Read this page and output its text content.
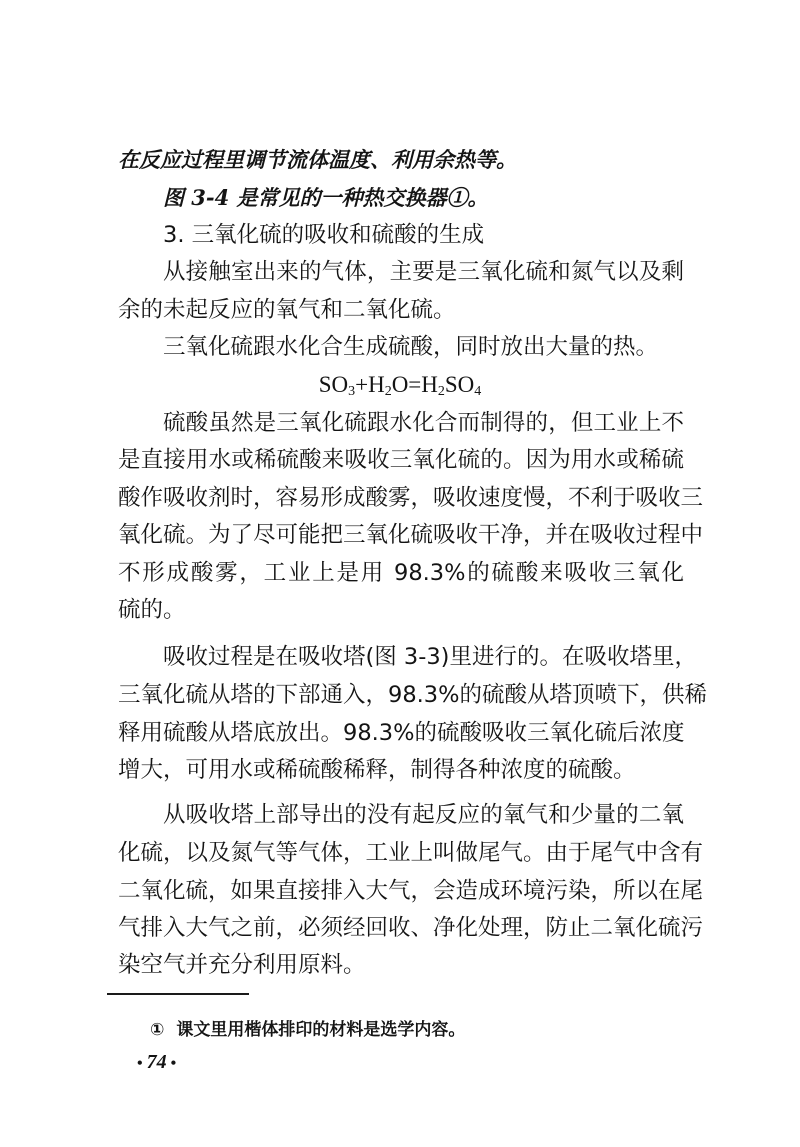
在反应过程里调节流体温度、利用余热等。
图 3-4 是常见的一种热交换器①。
3. 三氧化硫的吸收和硫酸的生成
从接触室出来的气体，主要是三氧化硫和氮气以及剩
余的未起反应的氧气和二氧化硫。
三氧化硫跟水化合生成硫酸，同时放出大量的热。
$SO_3+H_2O=H_2SO_4$
硫酸虽然是三氧化硫跟水化合而制得的，但工业上不
是直接用水或稀硫酸来吸收三氧化硫的。因为用水或稀硫
酸作吸收剂时，容易形成酸雾，吸收速度慢，不利于吸收三
氧化硫。为了尽可能把三氧化硫吸收干净，并在吸收过程中
不形成酸雾，工业上是用 98.3%的硫酸来吸收三氧化
硫的。
吸收过程是在吸收塔(图 3-3)里进行的。在吸收塔里，
三氧化硫从塔的下部通入，98.3%的硫酸从塔顶喷下，供稀
释用硫酸从塔底放出。98.3%的硫酸吸收三氧化硫后浓度
增大，可用水或稀硫酸稀释，制得各种浓度的硫酸。
从吸收塔上部导出的没有起反应的氧气和少量的二氧
化硫，以及氮气等气体，工业上叫做尾气。由于尾气中含有
二氧化硫，如果直接排入大气，会造成环境污染，所以在尾
气排入大气之前，必须经回收、净化处理，防止二氧化硫污
染空气并充分利用原料。
① 课文里用楷体排印的材料是选学内容。
• 74 •
